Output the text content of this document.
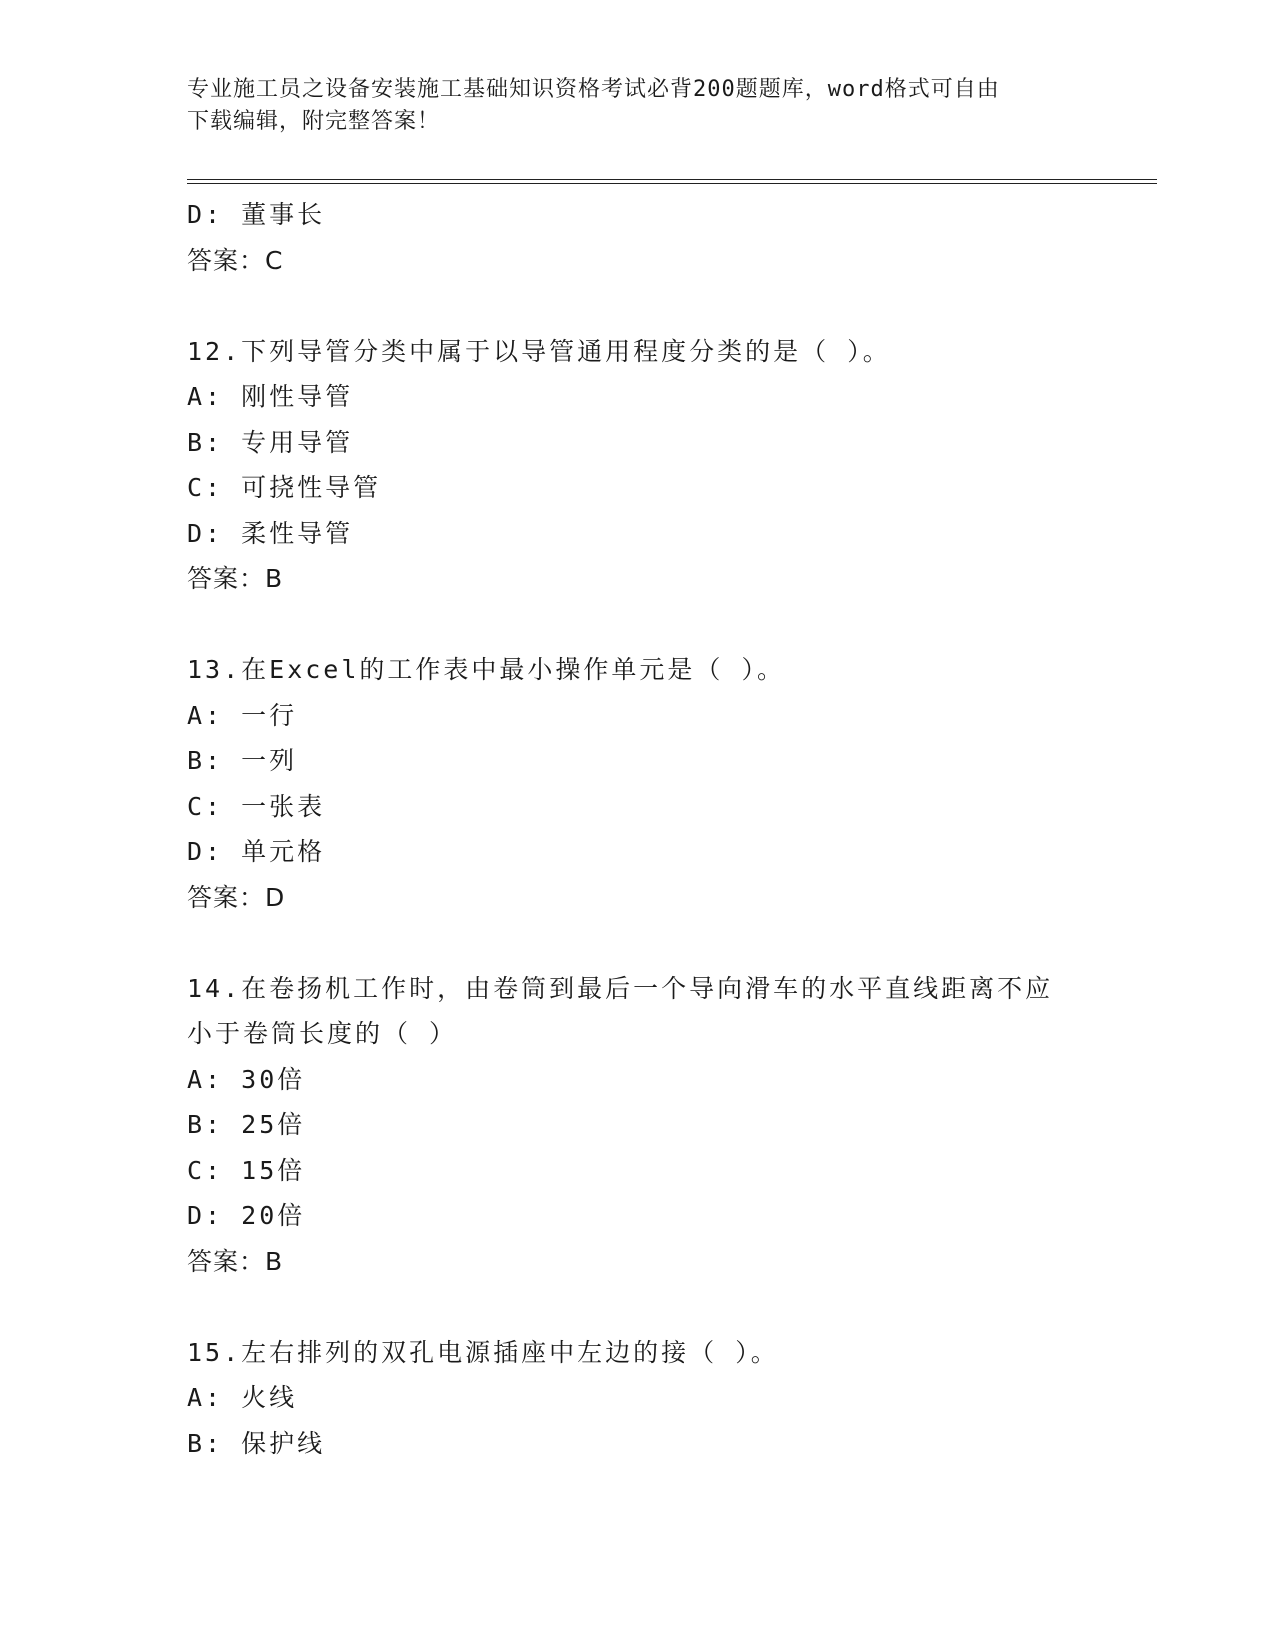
专业施工员之设备安装施工基础知识资格考试必背200题题库，word格式可自由
下载编辑，附完整答案！
D: 董事长
答案：C
12.下列导管分类中属于以导管通用程度分类的是（ ）。
A: 刚性导管
B: 专用导管
C: 可挠性导管
D: 柔性导管
答案：B
13.在Excel的工作表中最小操作单元是（ ）。
A: 一行
B: 一列
C: 一张表
D: 单元格
答案：D
14.在卷扬机工作时，由卷筒到最后一个导向滑车的水平直线距离不应
小于卷筒长度的（ ）
A: 30倍
B: 25倍
C: 15倍
D: 20倍
答案：B
15.左右排列的双孔电源插座中左边的接（ ）。
A: 火线
B: 保护线
